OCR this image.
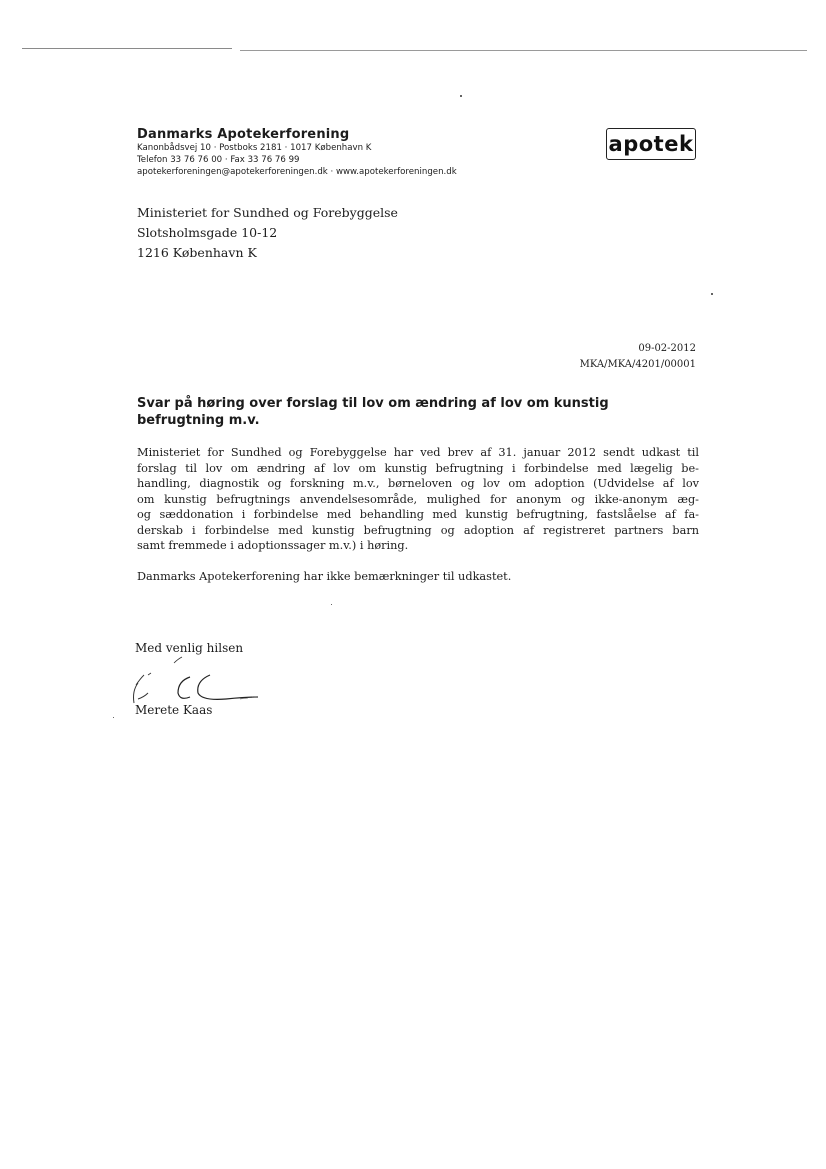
Danmarks Apotekerforening
Kanonbådsvej 10 · Postboks 2181 · 1017 København K
Telefon 33 76 76 00 · Fax 33 76 76 99
apotekerforeningen@apotekerforeningen.dk · www.apotekerforeningen.dk
apotek
Ministeriet for Sundhed og Forebyggelse
Slotsholmsgade 10-12
1216 København K
09-02-2012
MKA/MKA/4201/00001
Svar på høring over forslag til lov om ændring af lov om kunstig befrugtning m.v.

Ministeriet for Sundhed og Forebyggelse har ved brev af 31. januar 2012 sendt udkast til
forslag til lov om ændring af lov om kunstig befrugtning i forbindelse med lægelig be-
handling, diagnostik og forskning m.v., børneloven og lov om adoption (Udvidelse af lov
om kunstig befrugtnings anvendelsesområde, mulighed for anonym og ikke-anonym æg-
og sæddonation i forbindelse med behandling med kunstig befrugtning, fastslåelse af fa-
derskab i forbindelse med kunstig befrugtning og adoption af registreret partners barn
samt fremmede i adoptionssager m.v.) i høring.

Danmarks Apotekerforening har ikke bemærkninger til udkastet.

Med venlig hilsen
Merete Kaas
